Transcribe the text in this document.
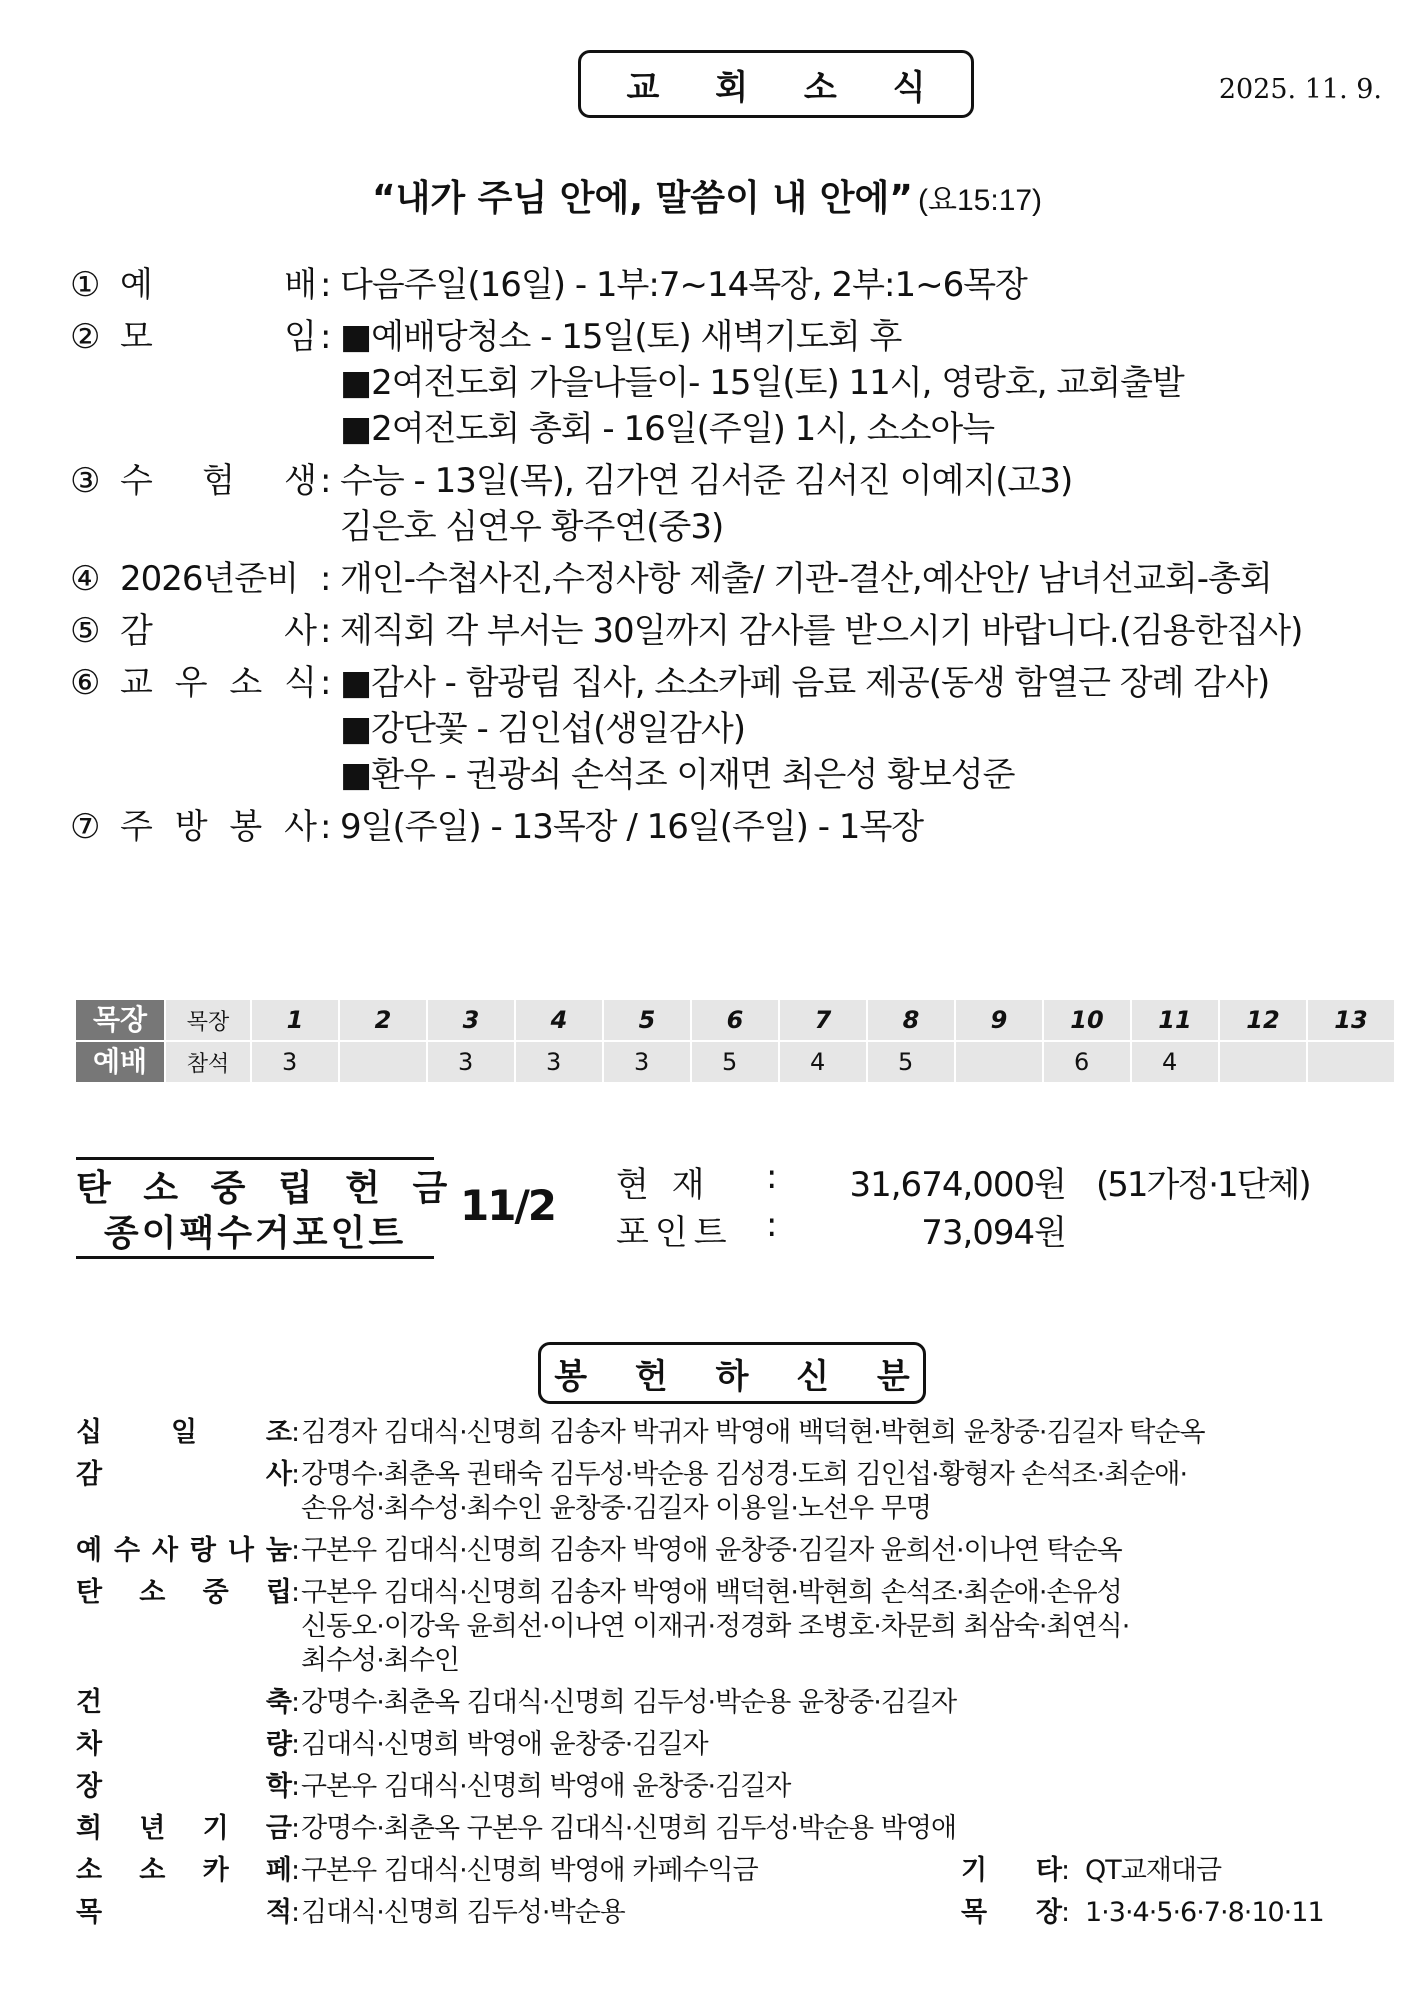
교 회 소 식	2025. 11. 9.
“내가 주님 안에, 말씀이 내 안에” (요15:17)
① 예	배 : 다음주일(16일) - 1부:7~14목장, 2부:1~6목장
② 모	임 : ■예배당청소 - 15일(토) 새벽기도회 후
■2여전도회 가을나들이- 15일(토) 11시, 영랑호, 교회출발
■2여전도회 총회 - 16일(주일) 1시, 소소아늑
③ 수 험 생 : 수능 - 13일(목), 김가연 김서준 김서진 이예지(고3)
김은호 심연우 황주연(중3)
④ 2026년준비 : 개인-수첩사진,수정사항 제출/ 기관-결산,예산안/ 남녀선교회-총회
⑤ 감	사 : 제직회 각 부서는 30일까지 감사를 받으시기 바랍니다.(김용한집사)
⑥ 교 우 소 식 : ■감사 - 함광림 집사, 소소카페 음료 제공(동생 함열근 장례 감사)
■강단꽃 - 김인섭(생일감사)
■환우 - 권광쇠 손석조 이재면 최은성 황보성준
⑦ 주 방 봉 사 : 9일(주일) - 13목장 / 16일(주일) - 1목장
목장	목장	1	2	3	4	5	6	7	8	9	10	11	12	13
예배	참석	3		3	3	3	5	4	5		6	4		
탄 소 중 립 헌 금
종이팩수거포인트
11/2 현 재	:	31,674,000원 (51가정·1단체)
포인트 :	73,094원
봉 헌 하 신 분
십	일	조 : 김경자 김대식·신명희 김송자 박귀자 박영애 백덕현·박현희 윤창중·김길자 탁순옥
감	사 : 강명수·최춘옥 권태숙 김두성·박순용 김성경·도희 김인섭·황형자 손석조·최순애·
손유성·최수성·최수인 윤창중·김길자 이용일·노선우 무명
예 수 사 랑 나 눔 : 구본우 김대식·신명희 김송자 박영애 윤창중·김길자 윤희선·이나연 탁순옥
탄 소 중 립 : 구본우 김대식·신명희 김송자 박영애 백덕현·박현희 손석조·최순애·손유성
신동오·이강욱 윤희선·이나연 이재귀·정경화 조병호·차문희 최삼숙·최연식·
최수성·최수인
건	축 : 강명수·최춘옥 김대식·신명희 김두성·박순용 윤창중·김길자
차	량 : 김대식·신명희 박영애 윤창중·김길자
장	학 : 구본우 김대식·신명희 박영애 윤창중·김길자
희 년 기 금 : 강명수·최춘옥 구본우 김대식·신명희 김두성·박순용 박영애
소 소 카 페 : 구본우 김대식·신명희 박영애 카페수익금	기 타 : QT교재대금
목	적 : 김대식·신명희 김두성·박순용	목 장 : 1·3·4·5·6·7·8·10·11
